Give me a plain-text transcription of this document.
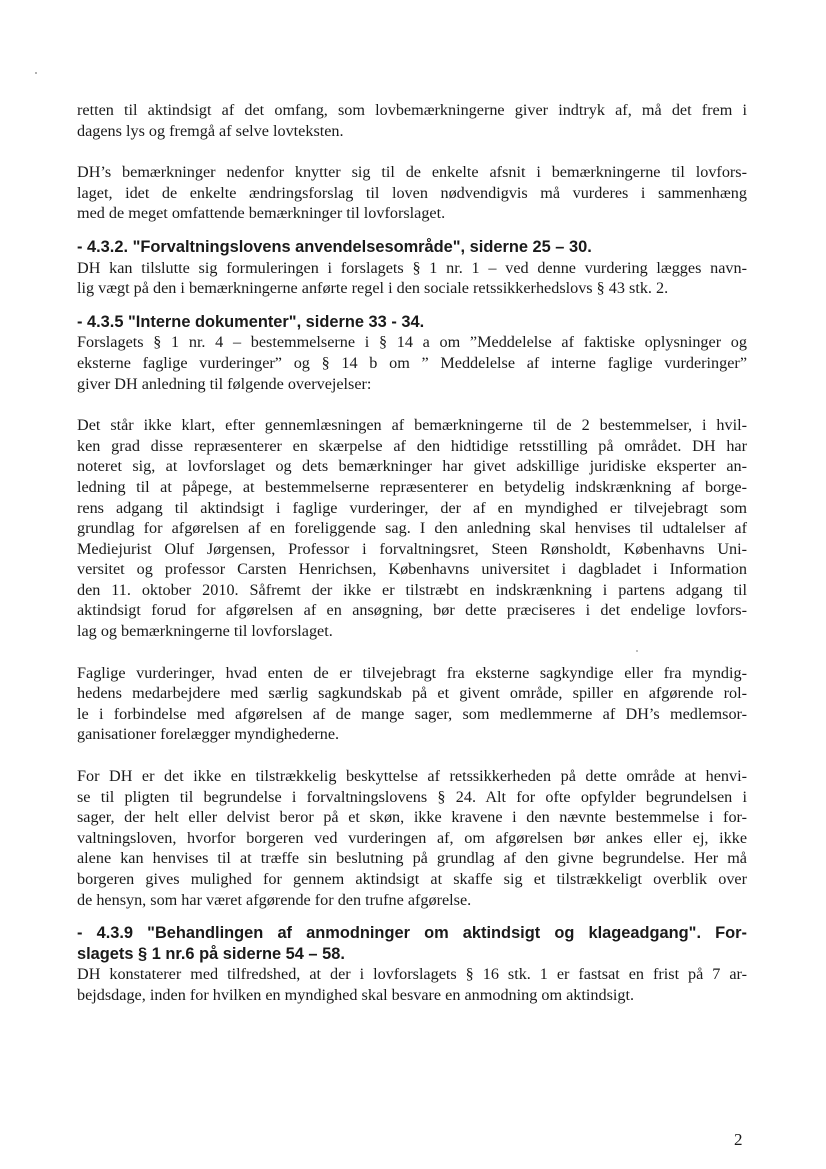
retten til aktindsigt af det omfang, som lovbemærkningerne giver indtryk af, må det frem i
dagens lys og fremgå af selve lovteksten.

DH’s bemærkninger nedenfor knytter sig til de enkelte afsnit i bemærkningerne til lovfors-
laget, idet de enkelte ændringsforslag til loven nødvendigvis må vurderes i sammenhæng
med de meget omfattende bemærkninger til lovforslaget.

- 4.3.2. "Forvaltningslovens anvendelsesområde", siderne 25 – 30.

DH kan tilslutte sig formuleringen i forslagets § 1 nr. 1 – ved denne vurdering lægges navn-
lig vægt på den i bemærkningerne anførte regel i den sociale retssikkerhedslovs § 43 stk. 2.

- 4.3.5 "Interne dokumenter", siderne 33 - 34.

Forslagets § 1 nr. 4 – bestemmelserne i § 14 a om ”Meddelelse af faktiske oplysninger og
eksterne faglige vurderinger” og § 14 b om ” Meddelelse af interne faglige vurderinger”
giver DH anledning til følgende overvejelser:

Det står ikke klart, efter gennemlæsningen af bemærkningerne til de 2 bestemmelser, i hvil-
ken grad disse repræsenterer en skærpelse af den hidtidige retsstilling på området. DH har
noteret sig, at lovforslaget og dets bemærkninger har givet adskillige juridiske eksperter an-
ledning til at påpege, at bestemmelserne repræsenterer en betydelig indskrænkning af borge-
rens adgang til aktindsigt i faglige vurderinger, der af en myndighed er tilvejebragt som
grundlag for afgørelsen af en foreliggende sag. I den anledning skal henvises til udtalelser af
Mediejurist Oluf Jørgensen, Professor i forvaltningsret, Steen Rønsholdt, Københavns Uni-
versitet og professor Carsten Henrichsen, Københavns universitet i dagbladet i Information
den 11. oktober 2010. Såfremt der ikke er tilstræbt en indskrænkning i partens adgang til
aktindsigt forud for afgørelsen af en ansøgning, bør dette præciseres i det endelige lovfors-
lag og bemærkningerne til lovforslaget.

Faglige vurderinger, hvad enten de er tilvejebragt fra eksterne sagkyndige eller fra myndig-
hedens medarbejdere med særlig sagkundskab på et givent område, spiller en afgørende rol-
le i forbindelse med afgørelsen af de mange sager, som medlemmerne af DH’s medlemsor-
ganisationer forelægger myndighederne.

For DH er det ikke en tilstrækkelig beskyttelse af retssikkerheden på dette område at henvi-
se til pligten til begrundelse i forvaltningslovens § 24. Alt for ofte opfylder begrundelsen i
sager, der helt eller delvist beror på et skøn, ikke kravene i den nævnte bestemmelse i for-
valtningsloven, hvorfor borgeren ved vurderingen af, om afgørelsen bør ankes eller ej, ikke
alene kan henvises til at træffe sin beslutning på grundlag af den givne begrundelse. Her må
borgeren gives mulighed for gennem aktindsigt at skaffe sig et tilstrækkeligt overblik over
de hensyn, som har været afgørende for den trufne afgørelse.

- 4.3.9 "Behandlingen af anmodninger om aktindsigt og klageadgang". For-
slagets § 1 nr.6 på siderne 54 – 58.

DH konstaterer med tilfredshed, at der i lovforslagets § 16 stk. 1 er fastsat en frist på 7 ar-
bejdsdage, inden for hvilken en myndighed skal besvare en anmodning om aktindsigt.

2
